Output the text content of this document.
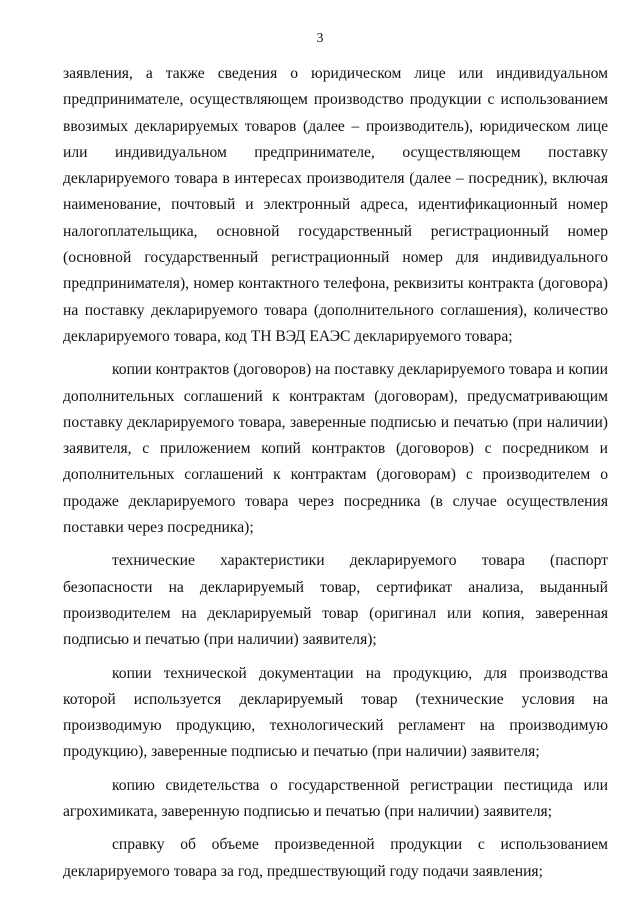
3

заявления, а также сведения о юридическом лице или индивидуальном предпринимателе, осуществляющем производство продукции с использованием ввозимых декларируемых товаров (далее – производитель), юридическом лице или индивидуальном предпринимателе, осуществляющем поставку декларируемого товара в интересах производителя (далее – посредник), включая наименование, почтовый и электронный адреса, идентификационный номер налогоплательщика, основной государственный регистрационный номер (основной государственный регистрационный номер для индивидуального предпринимателя), номер контактного телефона, реквизиты контракта (договора) на поставку декларируемого товара (дополнительного соглашения), количество декларируемого товара, код ТН ВЭД ЕАЭС декларируемого товара;

копии контрактов (договоров) на поставку декларируемого товара и копии дополнительных соглашений к контрактам (договорам), предусматривающим поставку декларируемого товара, заверенные подписью и печатью (при наличии) заявителя, с приложением копий контрактов (договоров) с посредником и дополнительных соглашений к контрактам (договорам) с производителем о продаже декларируемого товара через посредника (в случае осуществления поставки через посредника);

технические характеристики декларируемого товара (паспорт безопасности на декларируемый товар, сертификат анализа, выданный производителем на декларируемый товар (оригинал или копия, заверенная подписью и печатью (при наличии) заявителя);

копии технической документации на продукцию, для производства которой используется декларируемый товар (технические условия на производимую продукцию, технологический регламент на производимую продукцию), заверенные подписью и печатью (при наличии) заявителя;

копию свидетельства о государственной регистрации пестицида или агрохимиката, заверенную подписью и печатью (при наличии) заявителя;

справку об объеме произведенной продукции с использованием декларируемого товара за год, предшествующий году подачи заявления;
